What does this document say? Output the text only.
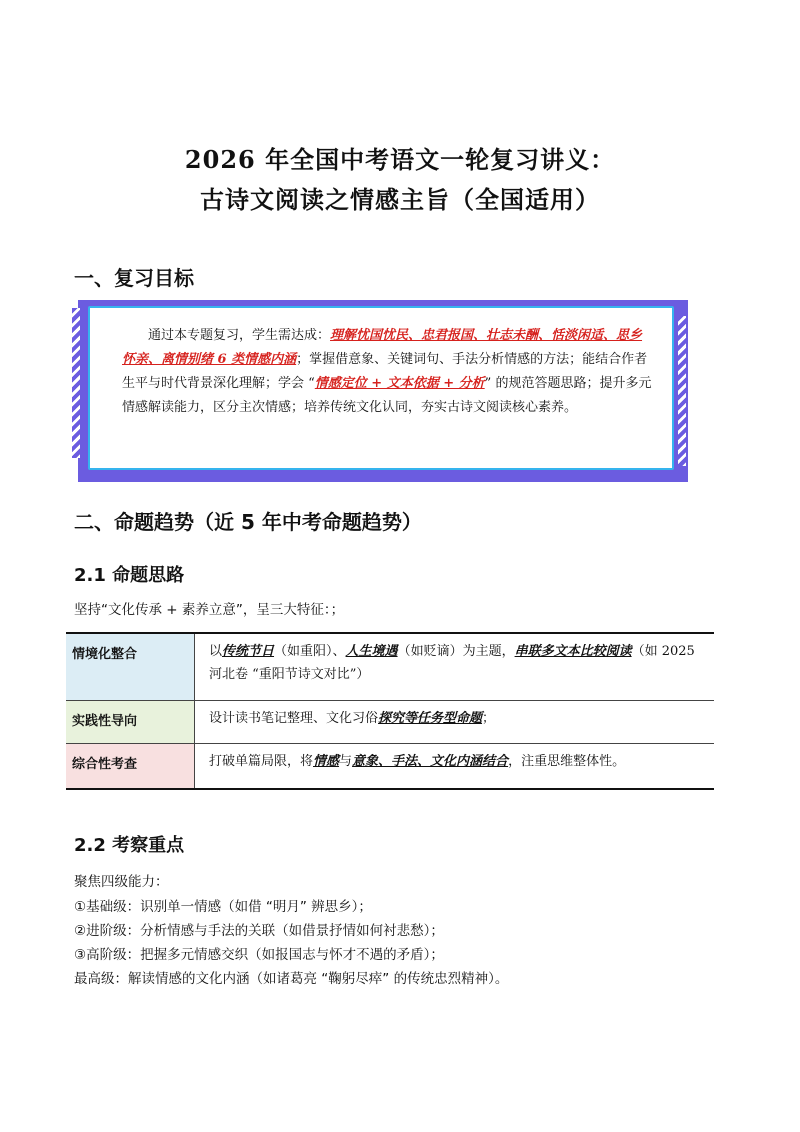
2026 年全国中考语文一轮复习讲义：
古诗文阅读之情感主旨（全国适用）
一、复习目标
通过本专题复习，学生需达成：理解忧国忧民、忠君报国、壮志未酬、恬淡闲适、思乡怀亲、离情别绪 6 类情感内涵；掌握借意象、关键词句、手法分析情感的方法；能结合作者生平与时代背景深化理解；学会 “情感定位 + 文本依据 + 分析” 的规范答题思路；提升多元情感解读能力，区分主次情感；培养传统文化认同，夯实古诗文阅读核心素养。
二、命题趋势（近 5 年中考命题趋势）
2.1 命题思路
坚持“文化传承 + 素养立意”，呈三大特征：；
情境化整合	以传统节日（如重阳）、人生境遇（如贬谪）为主题，串联多文本比较阅读（如 2025 河北卷 “重阳节诗文对比”）
实践性导向	设计读书笔记整理、文化习俗探究等任务型命题；
综合性考查	打破单篇局限，将情感与意象、手法、文化内涵结合，注重思维整体性。
2.2 考察重点
聚焦四级能力：
①基础级：识别单一情感（如借 “明月” 辨思乡）；
②进阶级：分析情感与手法的关联（如借景抒情如何衬悲愁）；
③高阶级：把握多元情感交织（如报国志与怀才不遇的矛盾）；
最高级：解读情感的文化内涵（如诸葛亮 “鞠躬尽瘁” 的传统忠烈精神）。
